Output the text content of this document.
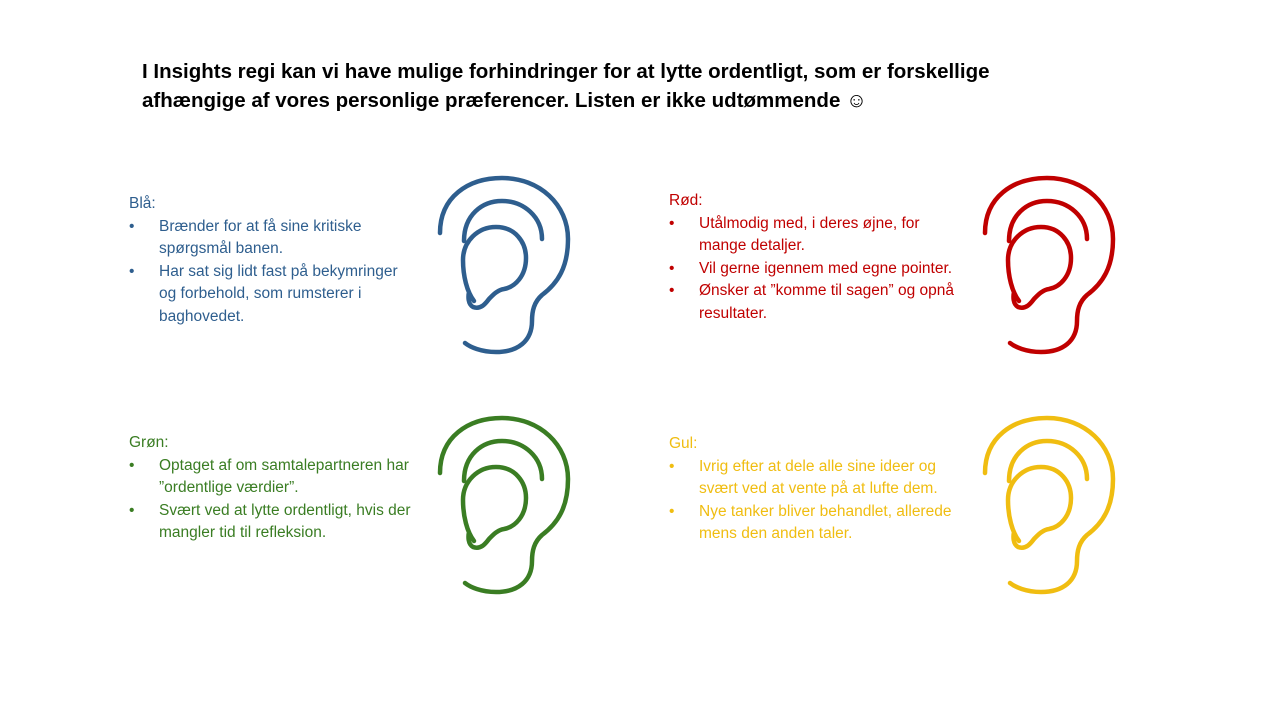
I Insights regi kan vi have mulige forhindringer for at lytte ordentligt, som er forskellige
afhængige af vores personlige præferencer. Listen er ikke udtømmende ☺
Blå:
• Brænder for at få sine kritiske spørgsmål banen.
• Har sat sig lidt fast på bekymringer og forbehold, som rumsterer i baghovedet.
Rød:
• Utålmodig med, i deres øjne, for mange detaljer.
• Vil gerne igennem med egne pointer.
• Ønsker at ”komme til sagen” og opnå resultater.
Grøn:
• Optaget af om samtalepartneren har ”ordentlige værdier”.
• Svært ved at lytte ordentligt, hvis der mangler tid til refleksion.
Gul:
• Ivrig efter at dele alle sine ideer og svært ved at vente på at lufte dem.
• Nye tanker bliver behandlet, allerede mens den anden taler.
